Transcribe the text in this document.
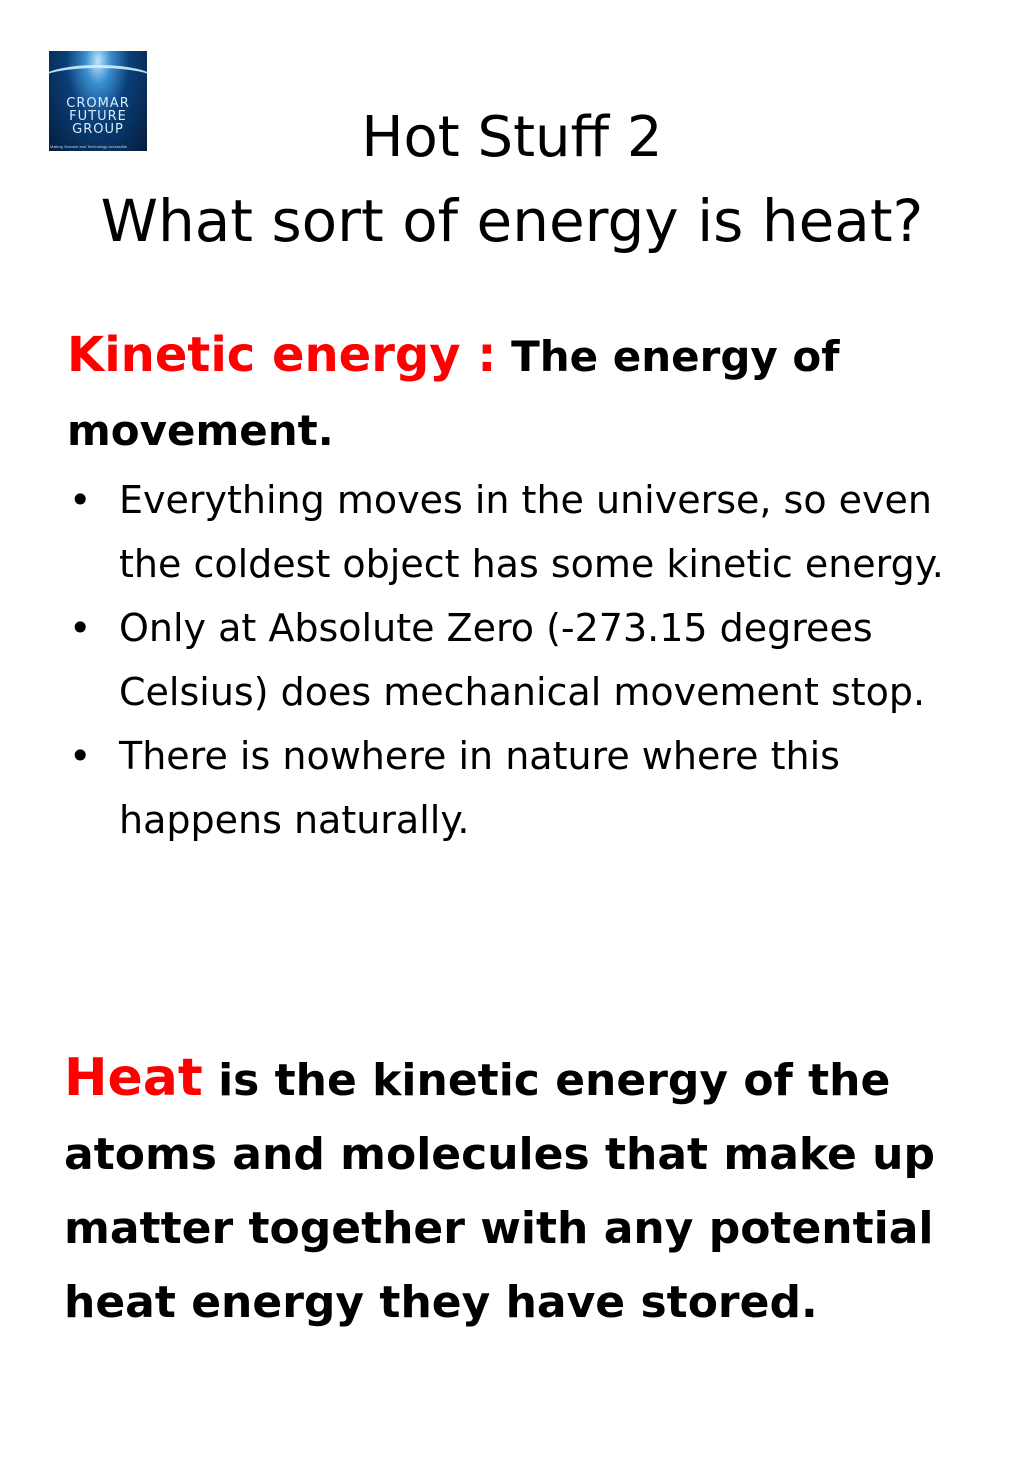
CROMAR
FUTURE
GROUP
Making Science and Technology accessible	Hot Stuff 2

What sort of energy is heat?

Kinetic energy : The energy of movement.

• Everything moves in the universe, so even the coldest object has some kinetic energy.
• Only at Absolute Zero (-273.15 degrees Celsius) does mechanical movement stop.
• There is nowhere in nature where this happens naturally.
Heat is the kinetic energy of the atoms and molecules that make up matter together with any potential heat energy they have stored.
